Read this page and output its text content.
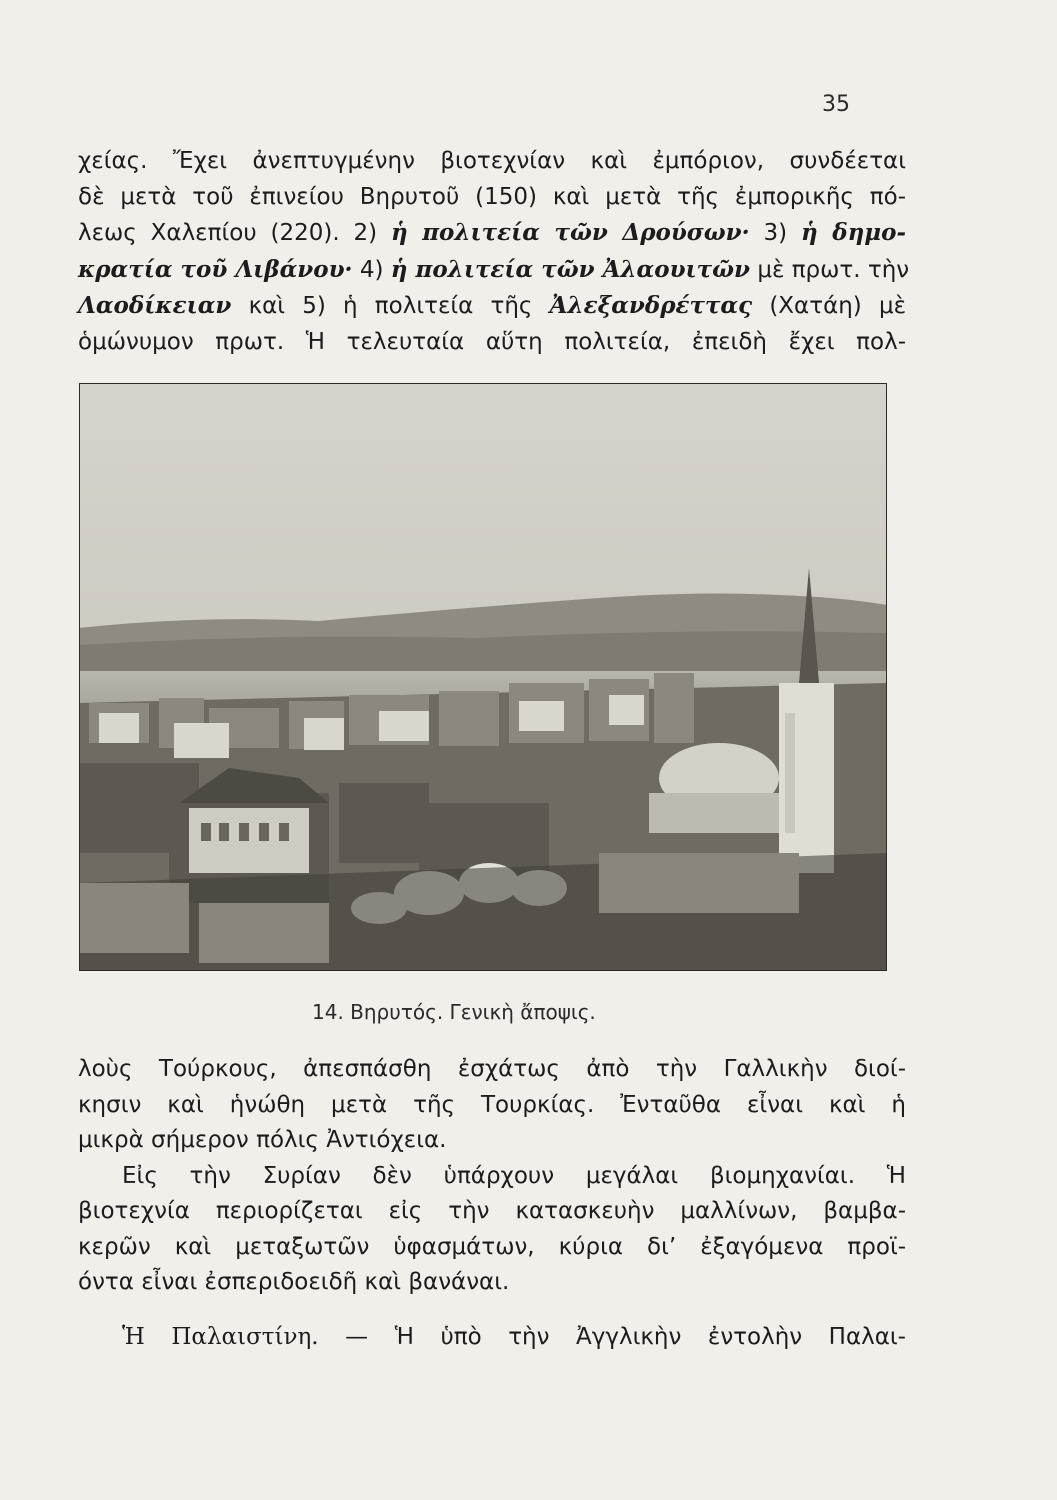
35
χείας. Ἔχει ἀνεπτυγμένην βιοτεχνίαν καὶ ἐμπόριον, συνδέεται
δὲ μετὰ τοῦ ἐπινείου Βηρυτοῦ (150) καὶ μετὰ τῆς ἐμπορικῆς πό-
λεως Χαλεπίου (220). 2) ἡ πολιτεία τῶν Δρούσων· 3) ἡ δημο-
κρατία τοῦ Λιβάνου· 4) ἡ πολιτεία τῶν Ἀλαουιτῶν μὲ πρωτ. τὴν
Λαοδίκειαν καὶ 5) ἡ πολιτεία τῆς Ἀλεξανδρέττας (Χατάη) μὲ
ὁμώνυμον πρωτ. Ἡ τελευταία αὕτη πολιτεία, ἐπειδὴ ἔχει πολ-
14. Βηρυτός. Γενικὴ ἄποψις.
λοὺς Τούρκους, ἀπεσπάσθη ἐσχάτως ἀπὸ τὴν Γαλλικὴν διοί-
κησιν καὶ ἡνώθη μετὰ τῆς Τουρκίας. Ἐνταῦθα εἶναι καὶ ἡ
μικρὰ σήμερον πόλις Ἀντιόχεια.
Εἰς τὴν Συρίαν δὲν ὑπάρχουν μεγάλαι βιομηχανίαι. Ἡ
βιοτεχνία περιορίζεται εἰς τὴν κατασκευὴν μαλλίνων, βαμβα-
κερῶν καὶ μεταξωτῶν ὑφασμάτων, κύρια δι’ ἐξαγόμενα προϊ-
όντα εἶναι ἐσπεριδοειδῆ καὶ βανάναι.
Ἡ Παλαιστίνη. — Ἡ ὑπὸ τὴν Ἀγγλικὴν ἐντολὴν Παλαι-
